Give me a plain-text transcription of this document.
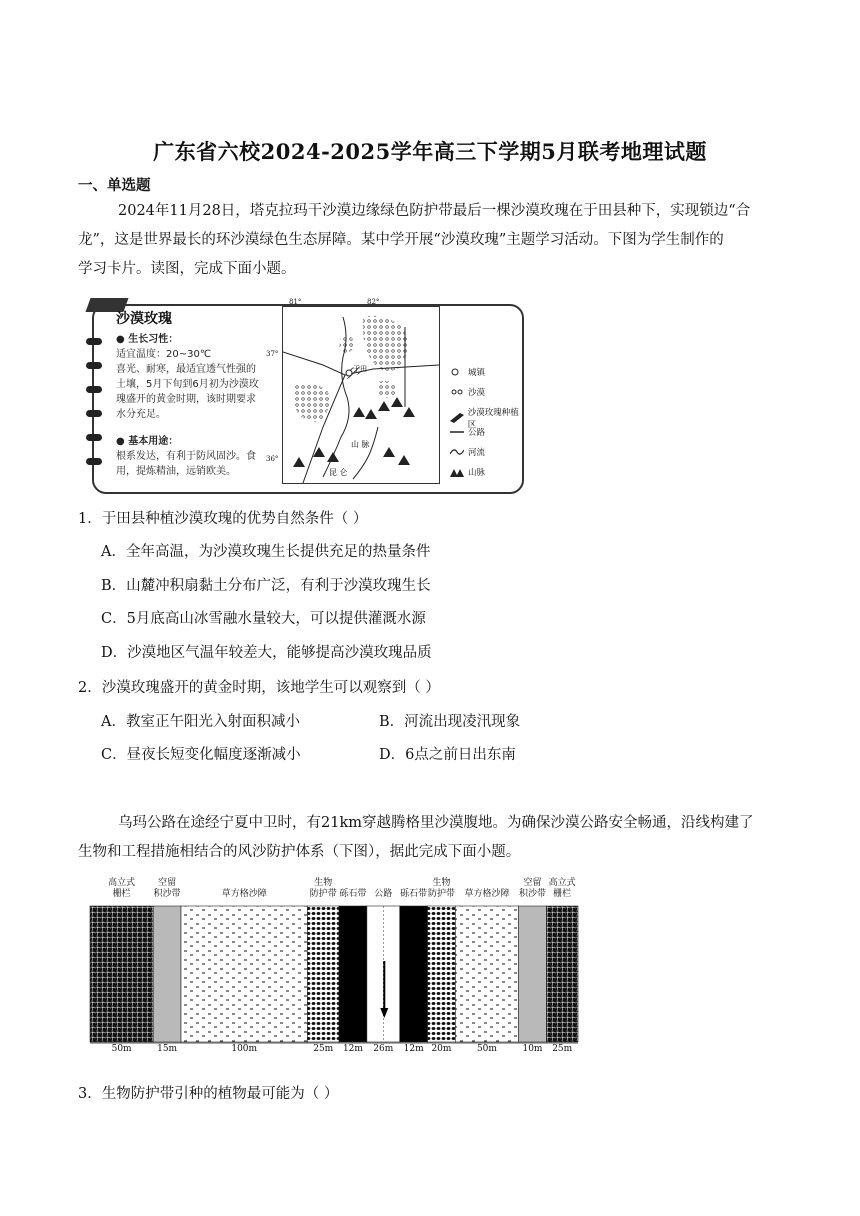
广东省六校2024-2025学年高三下学期5月联考地理试题
一、单选题
2024年11月28日，塔克拉玛干沙漠边缘绿色防护带最后一棵沙漠玫瑰在于田县种下，实现锁边“合
龙”，这是世界最长的环沙漠绿色生态屏障。某中学开展“沙漠玫瑰”主题学习活动。下图为学生制作的
学习卡片。读图，完成下面小题。
沙漠玫瑰
● 生长习性：
适宜温度：20~30℃
喜光、耐寒，最适宜透气性强的
土壤，5月下旬到6月初为沙漠玫
瑰盛开的黄金时期，该时期要求
水分充足。
● 基本用途：
根系发达，有利于防风固沙。食
用，提炼精油，远销欧美。
于田
山 脉
昆 仑
81°	82°
37°
36°
城镇
沙漠
沙漠玫瑰种植区
公路
河流
山脉
1．于田县种植沙漠玫瑰的优势自然条件（ ）
A．全年高温，为沙漠玫瑰生长提供充足的热量条件
B．山麓冲积扇黏土分布广泛，有利于沙漠玫瑰生长
C．5月底高山冰雪融水量较大，可以提供灌溉水源
D．沙漠地区气温年较差大，能够提高沙漠玫瑰品质
2．沙漠玫瑰盛开的黄金时期，该地学生可以观察到（ ）
A．教室正午阳光入射面积减小	B．河流出现凌汛现象
C．昼夜长短变化幅度逐渐减小	D．6点之前日出东南
乌玛公路在途经宁夏中卫时，有21km穿越腾格里沙漠腹地。为确保沙漠公路安全畅通，沿线构建了
生物和工程措施相结合的风沙防护体系（下图），据此完成下面小题。
高立式
栅栏
50m
空留
积沙带
15m
草方格沙障
100m
生物
防护带
25m
砾石带
12m
公路
26m
砾石带
12m
生物
防护带
20m
草方格沙障
50m
空留
积沙带
10m
高立式
栅栏
25m
3．生物防护带引种的植物最可能为（ ）
